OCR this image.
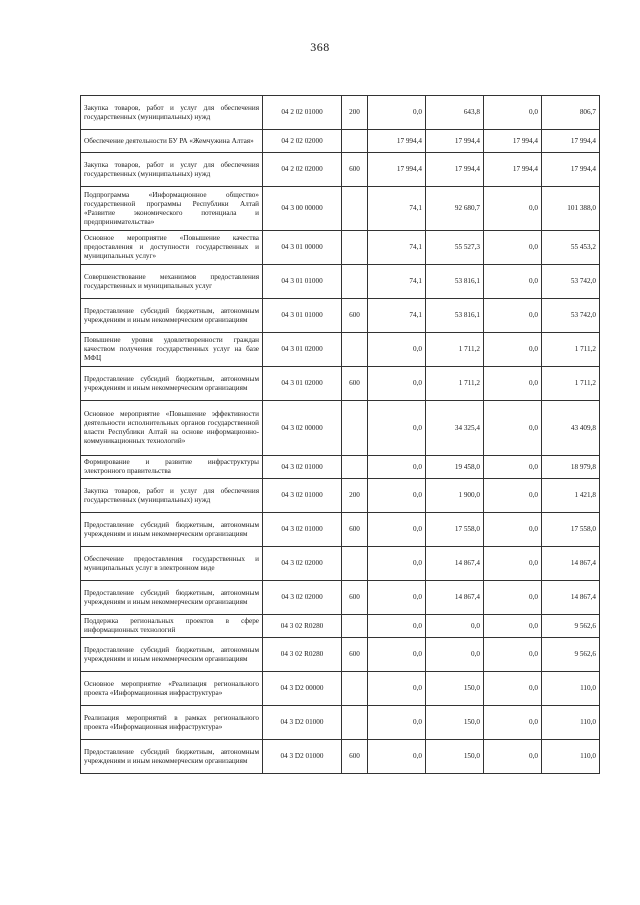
368
Закупка товаров, работ и услуг для обеспечения государственных (муниципальных) нужд	04 2 02 01000	200	0,0	643,8	0,0	806,7
Обеспечение деятельности БУ РА «Жемчужина Алтая»	04 2 02 02000		17 994,4	17 994,4	17 994,4	17 994,4
Закупка товаров, работ и услуг для обеспечения государственных (муниципальных) нужд	04 2 02 02000	600	17 994,4	17 994,4	17 994,4	17 994,4
Подпрограмма «Информационное общество» государственной программы Республики Алтай «Развитие экономического потенциала и предпринимательства»	04 3 00 00000		74,1	92 680,7	0,0	101 388,0
Основное мероприятие «Повышение качества предоставления и доступности государственных и муниципальных услуг»	04 3 01 00000		74,1	55 527,3	0,0	55 453,2
Совершенствование механизмов предоставления государственных и муниципальных услуг	04 3 01 01000		74,1	53 816,1	0,0	53 742,0
Предоставление субсидий бюджетным, автономным учреждениям и иным некоммерческим организациям	04 3 01 01000	600	74,1	53 816,1	0,0	53 742,0
Повышение уровня удовлетворенности граждан качеством получения государственных услуг на базе МФЦ	04 3 01 02000		0,0	1 711,2	0,0	1 711,2
Предоставление субсидий бюджетным, автономным учреждениям и иным некоммерческим организациям	04 3 01 02000	600	0,0	1 711,2	0,0	1 711,2
Основное мероприятие «Повышение эффективности деятельности исполнительных органов государственной власти Республики Алтай на основе информационно-коммуникационных технологий»	04 3 02 00000		0,0	34 325,4	0,0	43 409,8
Формирование и развитие инфраструктуры электронного правительства	04 3 02 01000		0,0	19 458,0	0,0	18 979,8
Закупка товаров, работ и услуг для обеспечения государственных (муниципальных) нужд	04 3 02 01000	200	0,0	1 900,0	0,0	1 421,8
Предоставление субсидий бюджетным, автономным учреждениям и иным некоммерческим организациям	04 3 02 01000	600	0,0	17 558,0	0,0	17 558,0
Обеспечение предоставления государственных и муниципальных услуг в электронном виде	04 3 02 02000		0,0	14 867,4	0,0	14 867,4
Предоставление субсидий бюджетным, автономным учреждениям и иным некоммерческим организациям	04 3 02 02000	600	0,0	14 867,4	0,0	14 867,4
Поддержка региональных проектов в сфере информационных технологий	04 3 02 R0280		0,0	0,0	0,0	9 562,6
Предоставление субсидий бюджетным, автономным учреждениям и иным некоммерческим организациям	04 3 02 R0280	600	0,0	0,0	0,0	9 562,6
Основное мероприятие «Реализация регионального проекта «Информационная инфраструктура»	04 3 D2 00000		0,0	150,0	0,0	110,0
Реализация мероприятий в рамках регионального проекта «Информационная инфраструктура»	04 3 D2 01000		0,0	150,0	0,0	110,0
Предоставление субсидий бюджетным, автономным учреждениям и иным некоммерческим организациям	04 3 D2 01000	600	0,0	150,0	0,0	110,0
